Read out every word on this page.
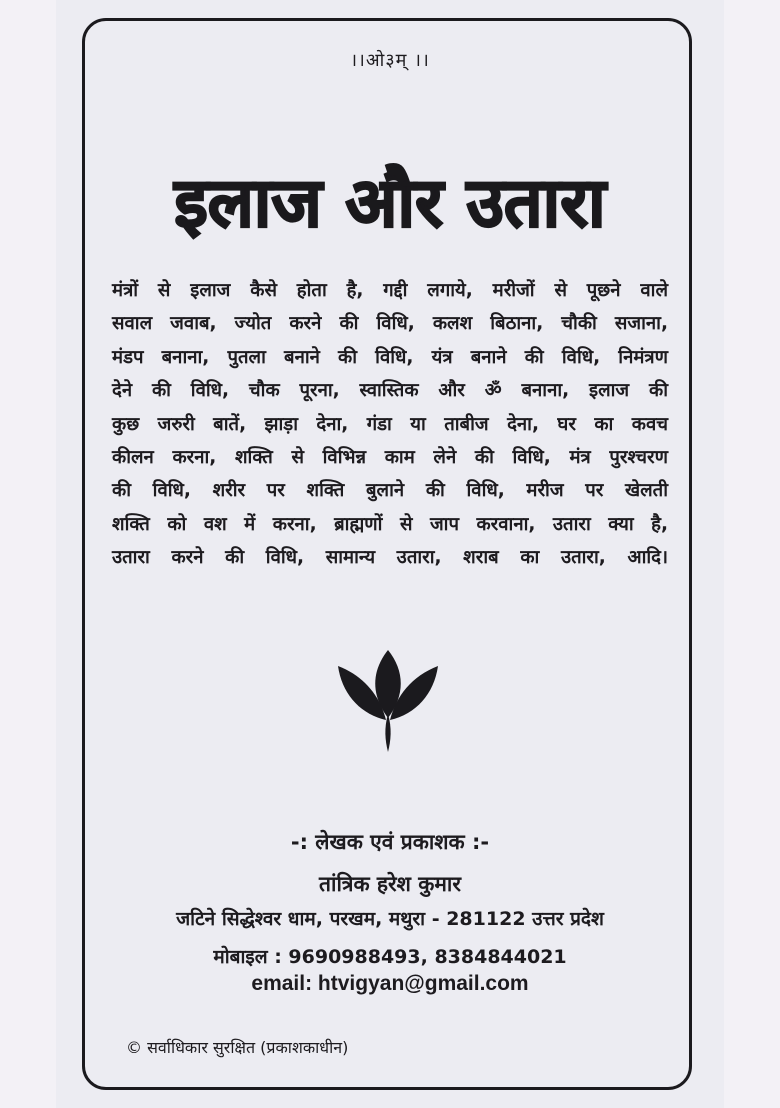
।।ओ३म् ।।
इलाज और उतारा
मंत्रों से इलाज कैसे होता है, गद्दी लगाये, मरीजों से पूछने वाले
सवाल जवाब, ज्योत करने की विधि, कलश बिठाना, चौकी सजाना,
मंडप बनाना, पुतला बनाने की विधि, यंत्र बनाने की विधि, निमंत्रण
देने की विधि, चौक पूरना, स्वास्तिक और ॐ बनाना, इलाज की
कुछ जरुरी बातें, झाड़ा देना, गंडा या ताबीज देना, घर का कवच
कीलन करना, शक्ति से विभिन्न काम लेने की विधि, मंत्र पुरश्चरण
की विधि, शरीर पर शक्ति बुलाने की विधि, मरीज पर खेलती
शक्ति को वश में करना, ब्राह्मणों से जाप करवाना, उतारा क्या है,
उतारा करने की विधि, सामान्य उतारा, शराब का उतारा, आदि।
-: लेखक एवं प्रकाशक :-
तांत्रिक हरेश कुमार
जटिने सिद्धेश्वर धाम, परखम, मथुरा - 281122 उत्तर प्रदेश
मोबाइल : 9690988493, 8384844021
email: htvigyan@gmail.com
© सर्वाधिकार सुरक्षित (प्रकाशकाधीन)
